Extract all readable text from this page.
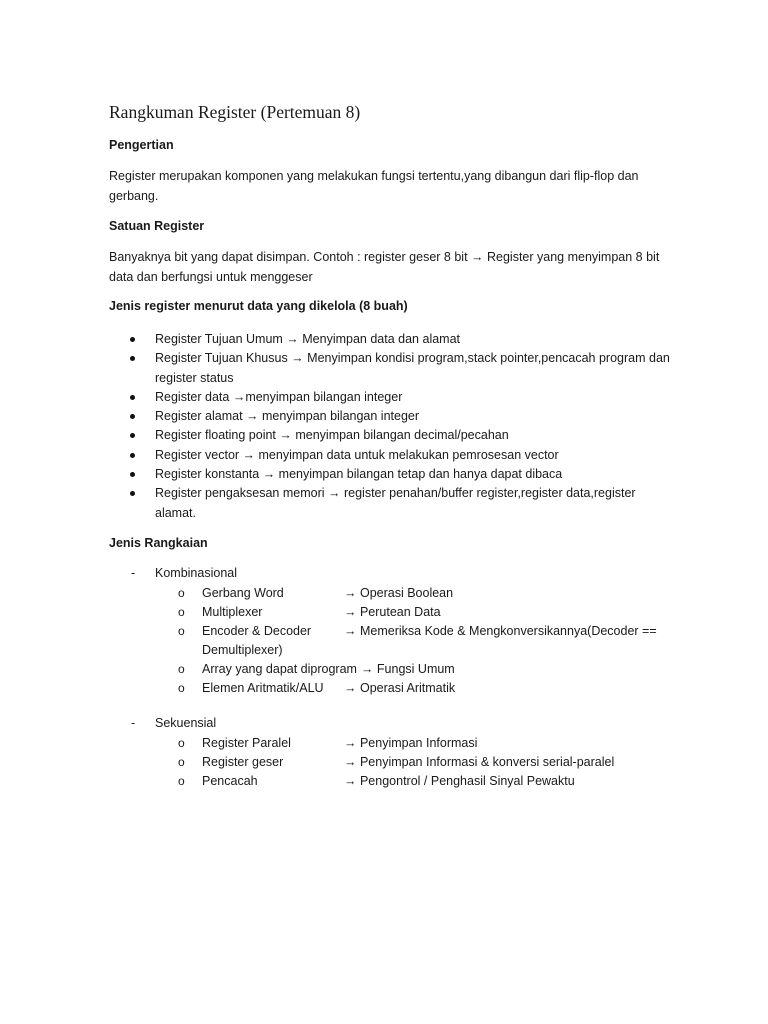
Rangkuman Register (Pertemuan 8)
Pengertian
Register merupakan komponen yang melakukan fungsi tertentu,yang dibangun dari flip-flop dan
gerbang.
Satuan Register
Banyaknya bit yang dapat disimpan. Contoh : register geser 8 bit → Register yang menyimpan 8 bit
data dan berfungsi untuk menggeser
Jenis register menurut data yang dikelola (8 buah)
Register Tujuan Umum → Menyimpan data dan alamat
Register Tujuan Khusus → Menyimpan kondisi program,stack pointer,pencacah program dan
register status
Register data →menyimpan bilangan integer
Register alamat → menyimpan bilangan integer
Register floating point → menyimpan bilangan decimal/pecahan
Register vector → menyimpan data untuk melakukan pemrosesan vector
Register konstanta → menyimpan bilangan tetap dan hanya dapat dibaca
Register pengaksesan memori → register penahan/buffer register,register data,register
alamat.
Jenis Rangkaian
- Kombinasional
o Gerbang Word	→ Operasi Boolean
o Multiplexer	→ Perutean Data
o Encoder & Decoder	→ Memeriksa Kode & Mengkonversikannya(Decoder ==
Demultiplexer)
o Array yang dapat diprogram → Fungsi Umum
o Elemen Aritmatik/ALU → Operasi Aritmatik
- Sekuensial
o Register Paralel	→ Penyimpan Informasi
o Register geser	→ Penyimpan Informasi & konversi serial-paralel
o Pencacah	→ Pengontrol / Penghasil Sinyal Pewaktu
